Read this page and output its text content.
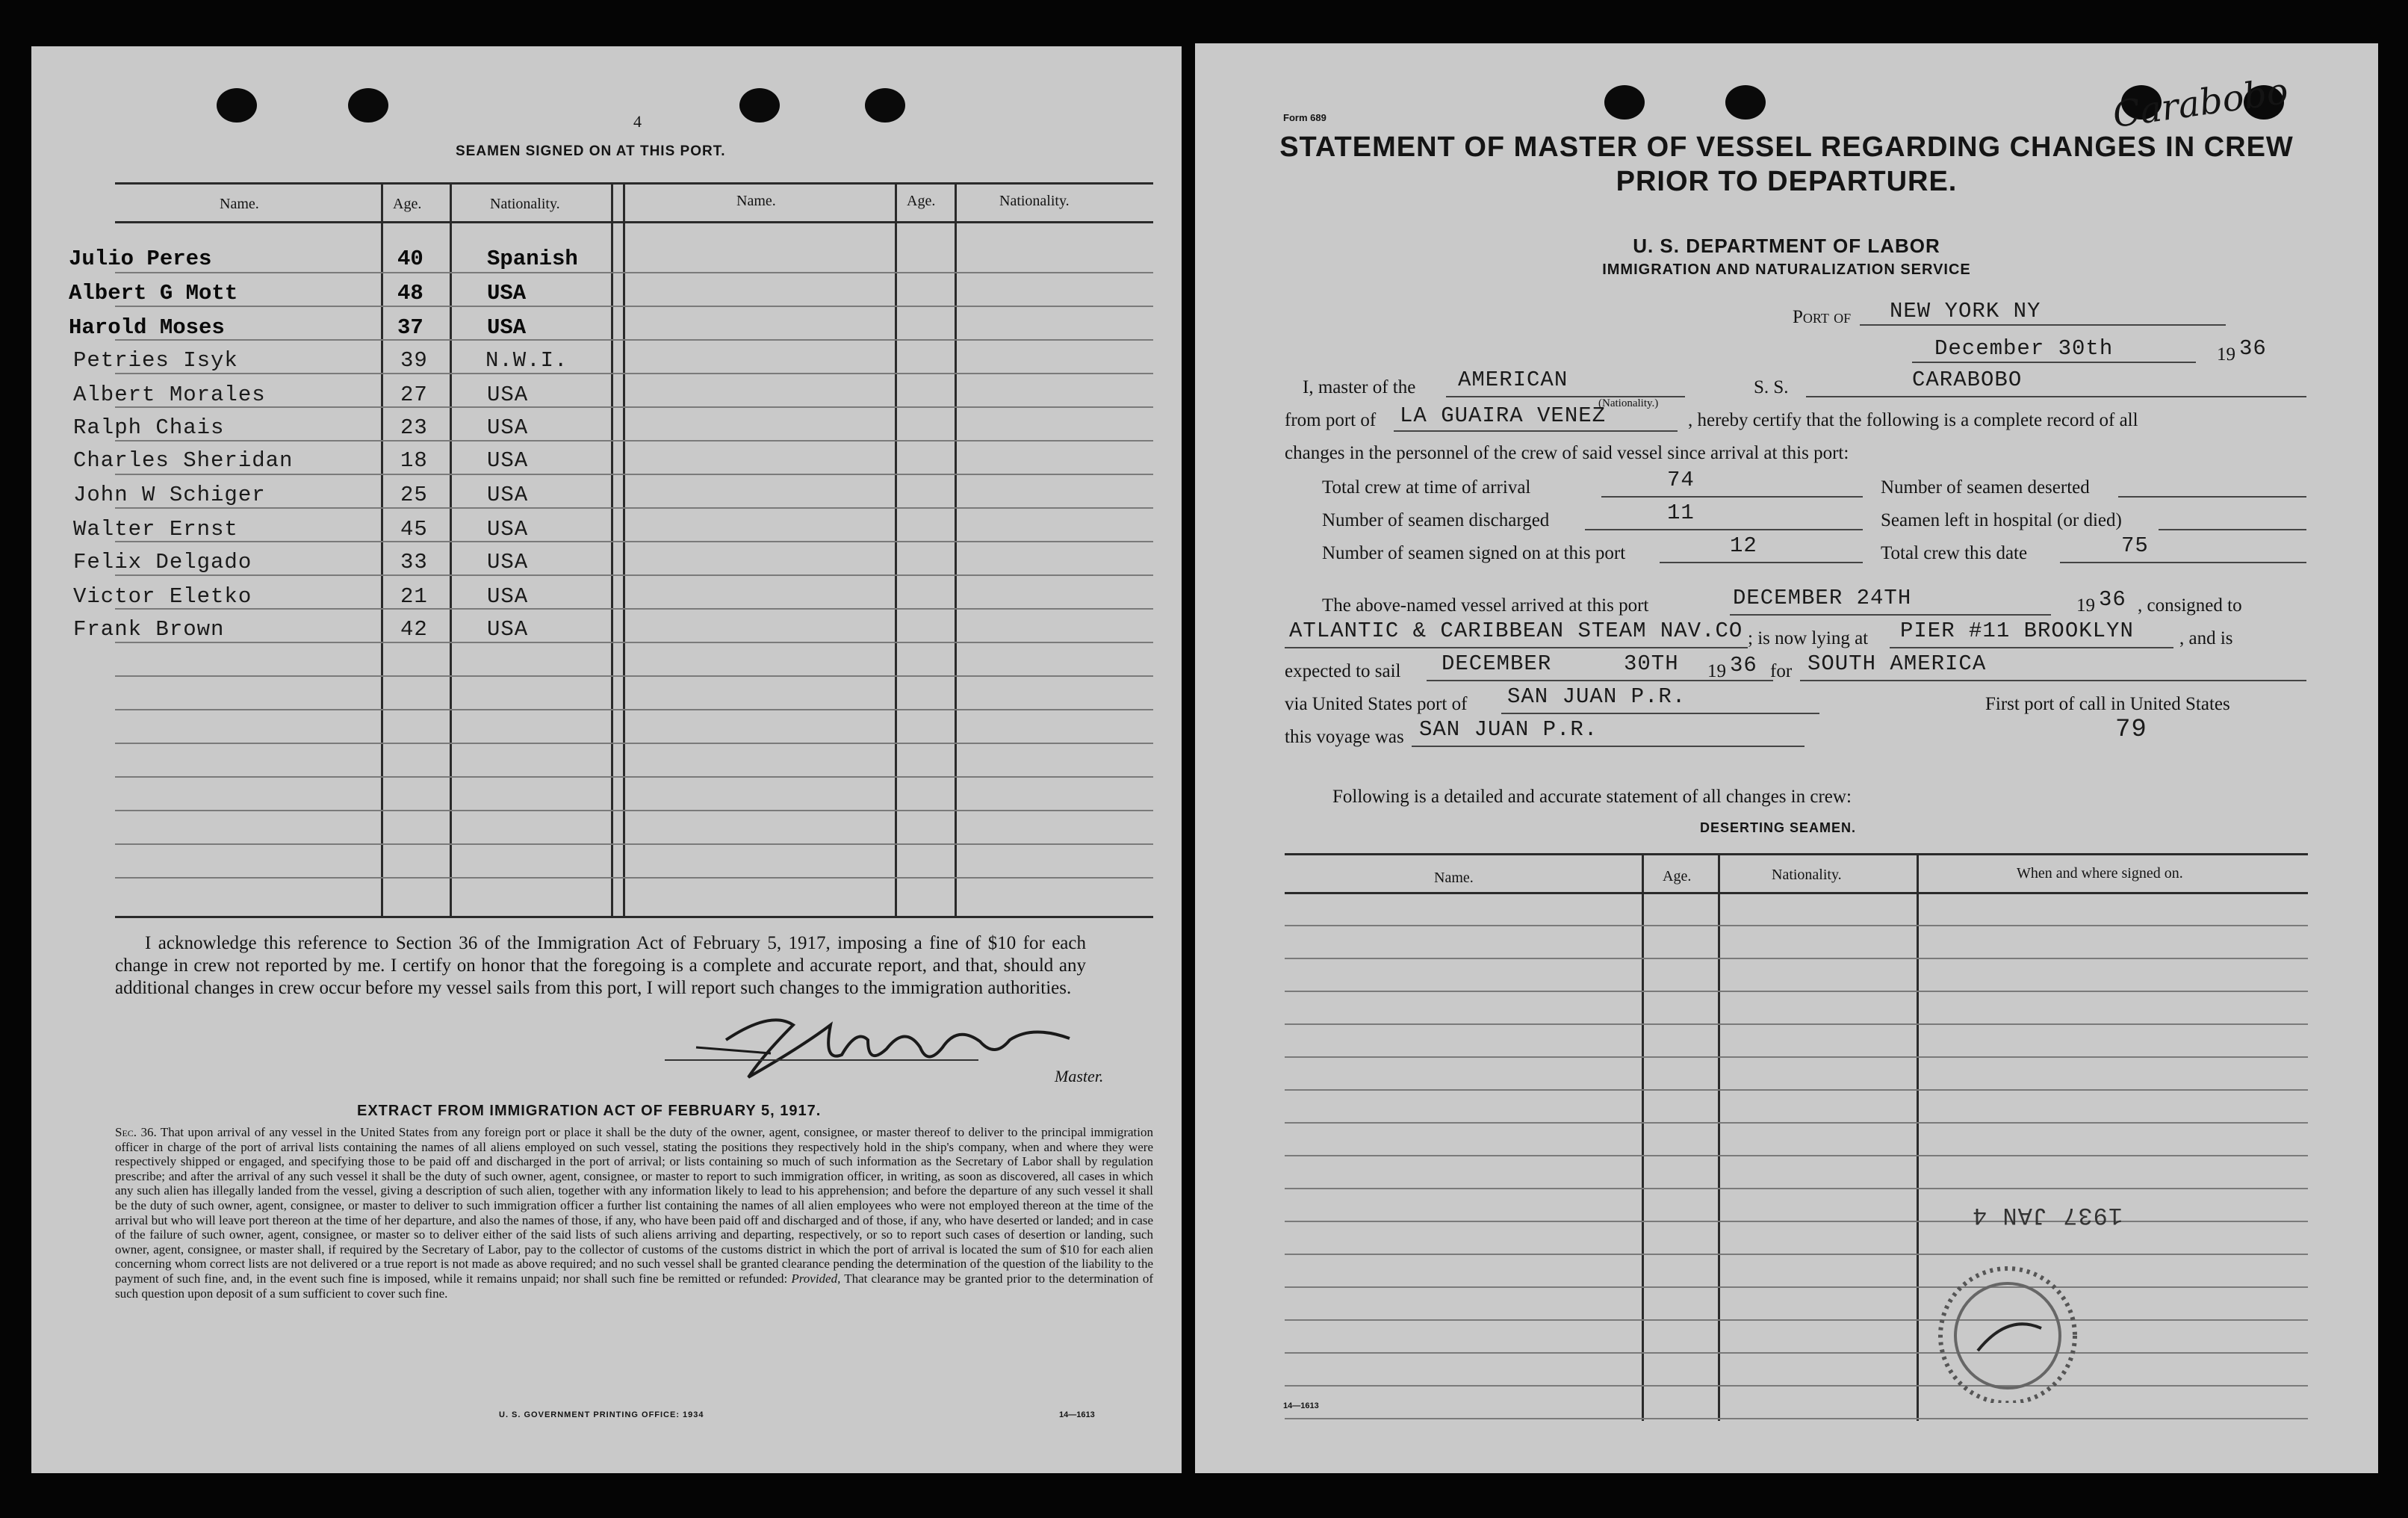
4
SEAMEN SIGNED ON AT THIS PORT.
Name.	Age.	Nationality.	Name.	Age.	Nationality.
Julio Peres	40	Spanish
Albert G Mott	48	USA
Harold Moses	37	USA
Petries Isyk	39	N.W.I.
Albert Morales	27	USA
Ralph Chais	23	USA
Charles Sheridan	18	USA
John W Schiger	25	USA
Walter Ernst	45	USA
Felix Delgado	33	USA
Victor Eletko	21	USA
Frank Brown	42	USA
I acknowledge this reference to Section 36 of the Immigration Act of February 5, 1917, imposing a fine of $10 for each change in crew not reported by me. I certify on honor that the foregoing is a complete and accurate report, and that, should any additional changes in crew occur before my vessel sails from this port, I will report such changes to the immigration authorities.
Master.
EXTRACT FROM IMMIGRATION ACT OF FEBRUARY 5, 1917.
Sec. 36. That upon arrival of any vessel in the United States from any foreign port or place it shall be the duty of the owner, agent, consignee, or master thereof to deliver to the principal immigration officer in charge of the port of arrival lists containing the names of all aliens employed on such vessel, stating the positions they respectively hold in the ship's company, when and where they were respectively shipped or engaged, and specifying those to be paid off and discharged in the port of arrival; or lists containing so much of such information as the Secretary of Labor shall by regulation prescribe; and after the arrival of any such vessel it shall be the duty of such owner, agent, consignee, or master to report to such immigration officer, in writing, as soon as discovered, all cases in which any such alien has illegally landed from the vessel, giving a description of such alien, together with any information likely to lead to his apprehension; and before the departure of any such vessel it shall be the duty of such owner, agent, consignee, or master to deliver to such immigration officer a further list containing the names of all alien employees who were not employed thereon at the time of the arrival but who will leave port thereon at the time of her departure, and also the names of those, if any, who have been paid off and discharged and of those, if any, who have deserted or landed; and in case of the failure of such owner, agent, consignee, or master so to deliver either of the said lists of such aliens arriving and departing, respectively, or so to report such cases of desertion or landing, such owner, agent, consignee, or master shall, if required by the Secretary of Labor, pay to the collector of customs of the customs district in which the port of arrival is located the sum of $10 for each alien concerning whom correct lists are not delivered or a true report is not made as above required; and no such vessel shall be granted clearance pending the determination of the question of the liability to the payment of such fine, and, in the event such fine is imposed, while it remains unpaid; nor shall such fine be remitted or refunded: Provided, That clearance may be granted prior to the determination of such question upon deposit of a sum sufficient to cover such fine.
U. S. GOVERNMENT PRINTING OFFICE: 1934	14—1613
Form 689	Carabobo
STATEMENT OF MASTER OF VESSEL REGARDING CHANGES IN CREW
PRIOR TO DEPARTURE.
U. S. DEPARTMENT OF LABOR
IMMIGRATION AND NATURALIZATION SERVICE
Port of NEW YORK NY
December 30th	19 36
I, master of the AMERICAN
(Nationality.)
S. S.	CARABOBO
from port of LA GUAIRA VENEZ	, hereby certify that the following is a complete record of all
changes in the personnel of the crew of said vessel since arrival at this port:
Total crew at time of arrival	74	Number of seamen deserted
Number of seamen discharged	11	Seamen left in hospital (or died)
Number of seamen signed on at this port	12	Total crew this date	75
The above-named vessel arrived at this port	DECEMBER 24TH	19 36 , consigned to
ATLANTIC & CARIBBEAN STEAM NAV.CO ; is now lying at PIER #11 BROOKLYN , and is
expected to sail DECEMBER	30TH 19 36 for SOUTH AMERICA
via United States port of SAN JUAN P.R.	First port of call in United States
79
this voyage was SAN JUAN P.R.
Following is a detailed and accurate statement of all changes in crew:
DESERTING SEAMEN.
Name.	Age.	Nationality.	When and where signed on.
1937 JAN 4
14—1613
